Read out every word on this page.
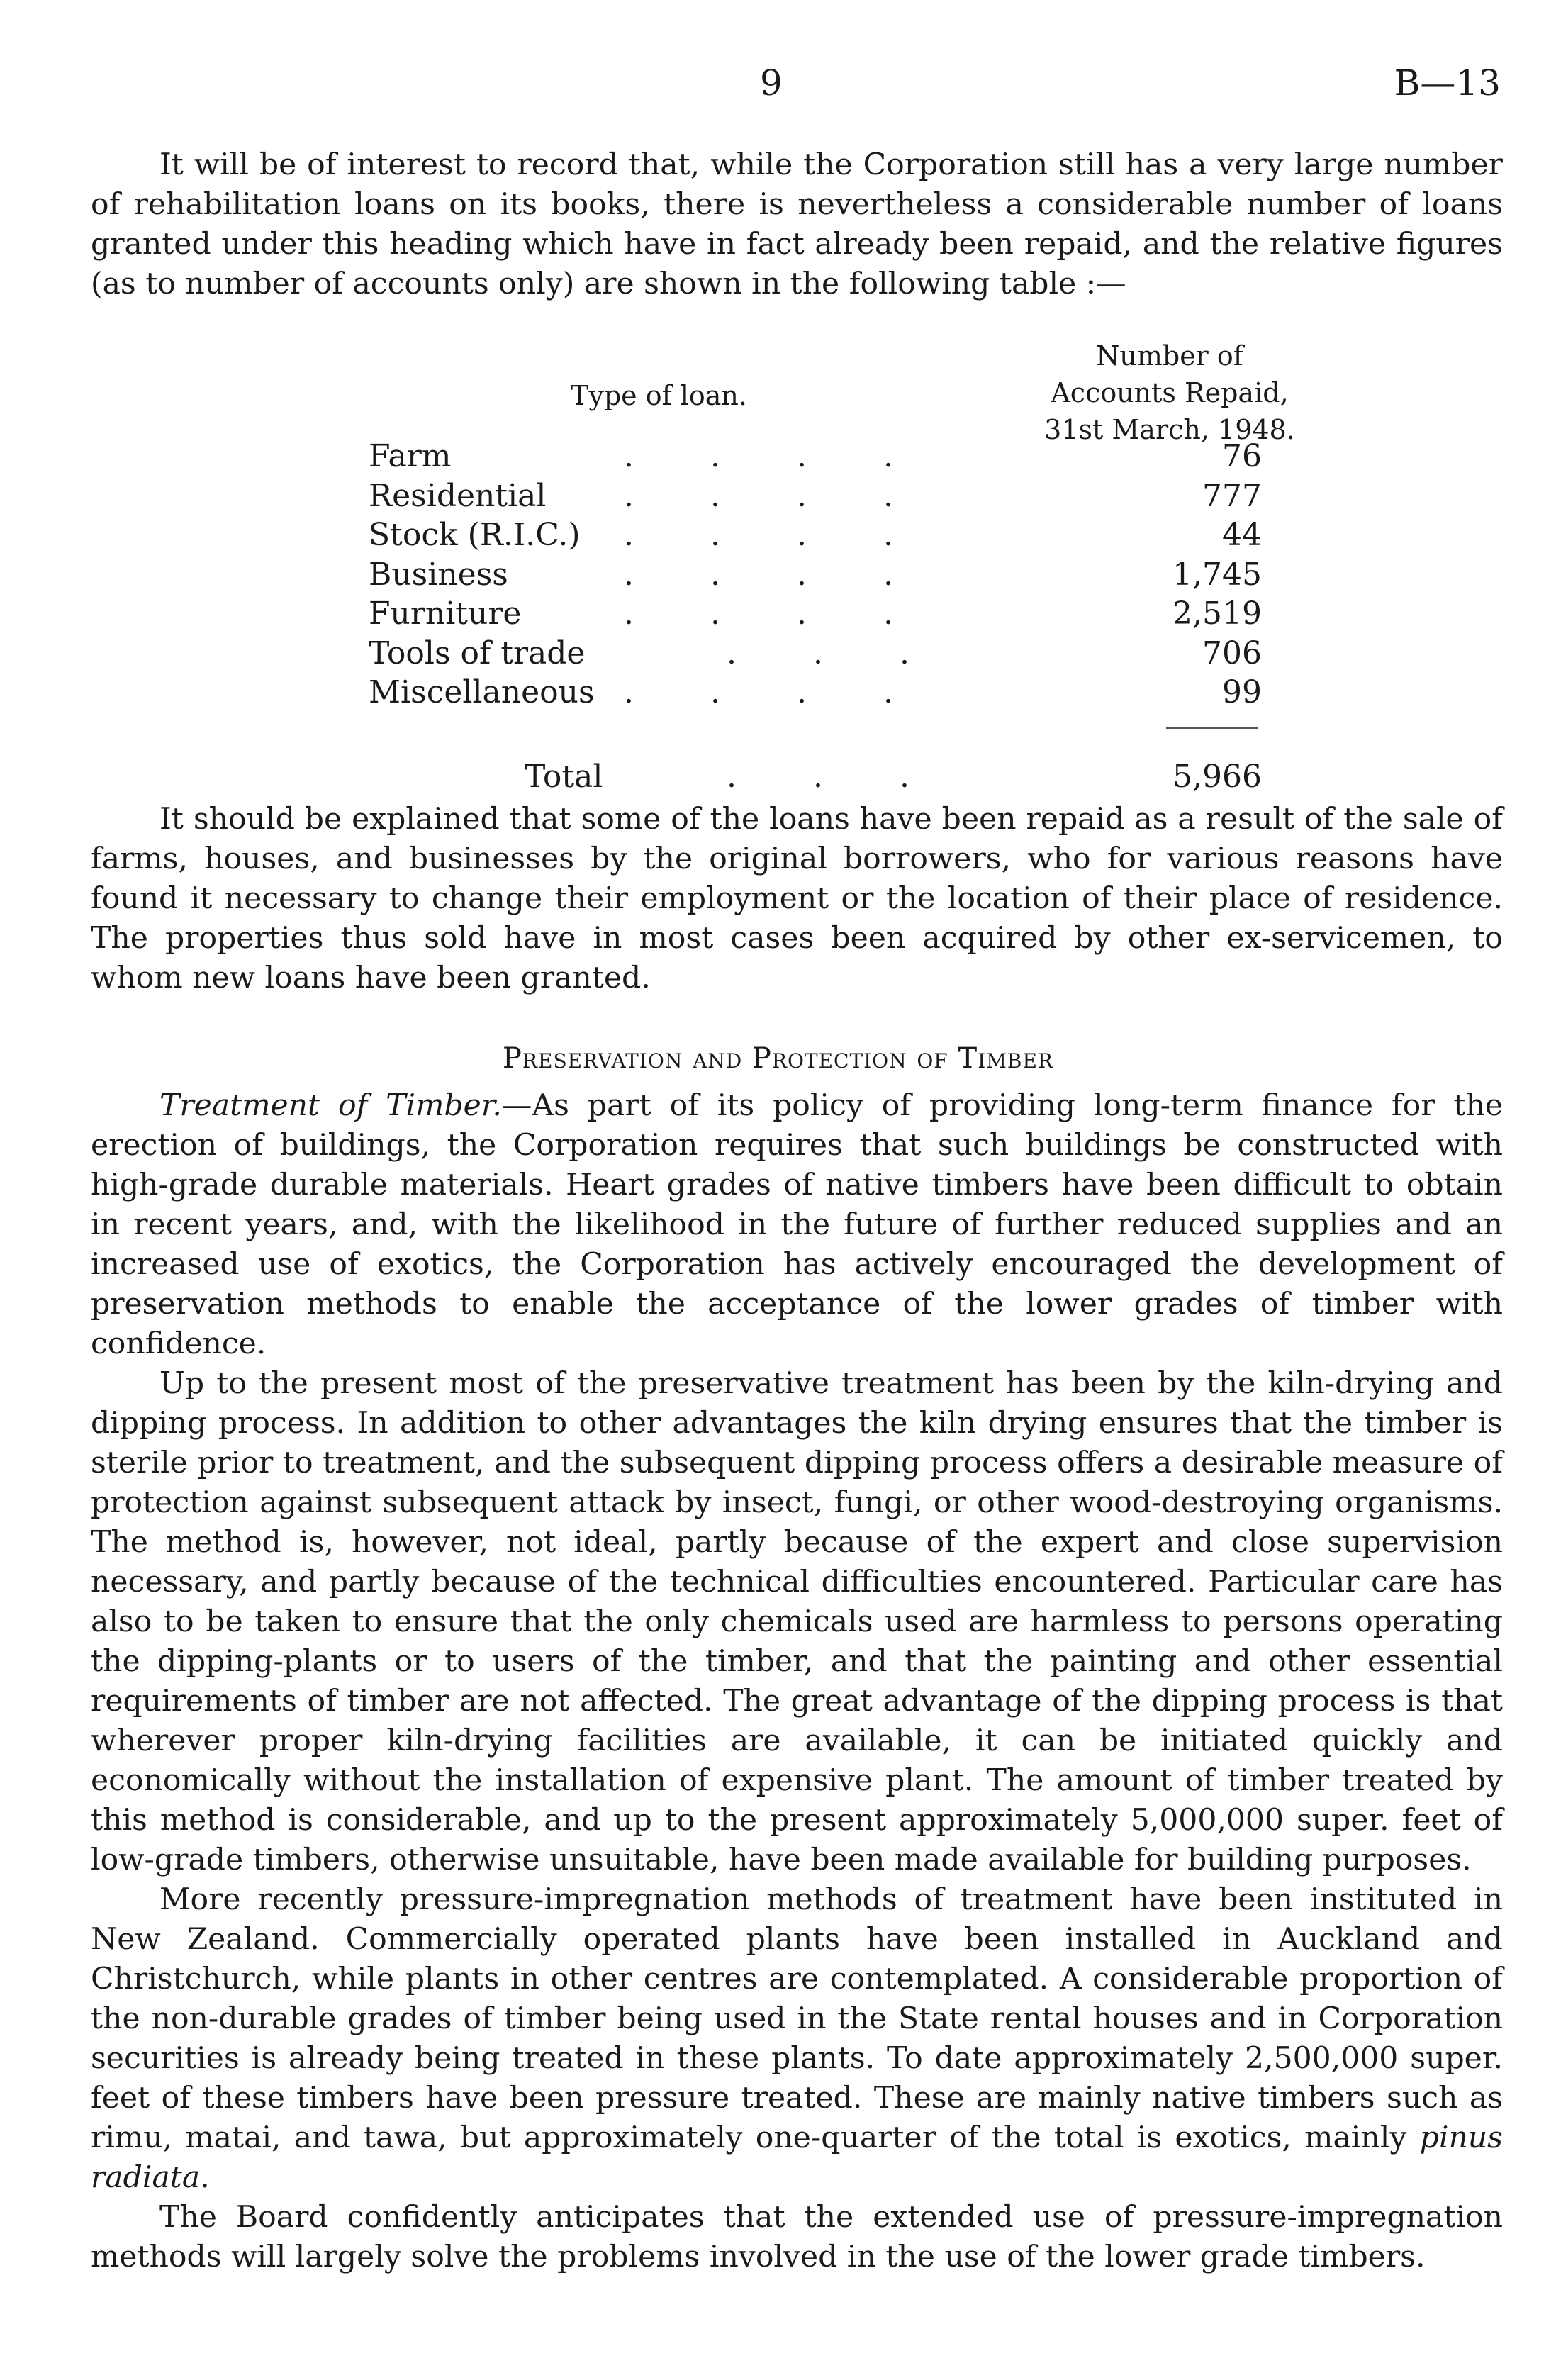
9	B—13

It will be of interest to record that, while the Corporation still has a very large number of rehabilitation loans on its books, there is nevertheless a considerable number of loans granted under this heading which have in fact already been repaid, and the relative figures (as to number of accounts only) are shown in the following table :—

Type of loan.
Number of
Accounts Repaid,
31st March, 1948.
Farm	....	76
Residential ....	777
Stock (R.I.C.) ....	44
Business	....	1,745
Furniture	....	2,519
Tools of trade	...	706
Miscellaneous ....	99
Total	...	5,966

It should be explained that some of the loans have been repaid as a result of the sale of farms, houses, and businesses by the original borrowers, who for various reasons have found it necessary to change their employment or the location of their place of residence. The properties thus sold have in most cases been acquired by other ex-servicemen, to whom new loans have been granted.

Preservation and Protection of Timber

Treatment of Timber.—As part of its policy of providing long-term finance for the erection of buildings, the Corporation requires that such buildings be constructed with high-grade durable materials. Heart grades of native timbers have been difficult to obtain in recent years, and, with the likelihood in the future of further reduced supplies and an increased use of exotics, the Corporation has actively encouraged the development of preservation methods to enable the acceptance of the lower grades of timber with confidence.

Up to the present most of the preservative treatment has been by the kiln-drying and dipping process. In addition to other advantages the kiln drying ensures that the timber is sterile prior to treatment, and the subsequent dipping process offers a desirable measure of protection against subsequent attack by insect, fungi, or other wood-destroying organisms. The method is, however, not ideal, partly because of the expert and close supervision necessary, and partly because of the technical difficulties encountered. Particular care has also to be taken to ensure that the only chemicals used are harmless to persons operating the dipping-plants or to users of the timber, and that the painting and other essential requirements of timber are not affected. The great advantage of the dipping process is that wherever proper kiln-drying facilities are available, it can be initiated quickly and economically without the installation of expensive plant. The amount of timber treated by this method is considerable, and up to the present approximately 5,000,000 super. feet of low-grade timbers, otherwise unsuitable, have been made available for building purposes.

More recently pressure-impregnation methods of treatment have been instituted in New Zealand. Commercially operated plants have been installed in Auckland and Christchurch, while plants in other centres are contemplated. A considerable proportion of the non-durable grades of timber being used in the State rental houses and in Corporation securities is already being treated in these plants. To date approximately 2,500,000 super. feet of these timbers have been pressure treated. These are mainly native timbers such as rimu, matai, and tawa, but approximately one-quarter of the total is exotics, mainly pinus radiata.

The Board confidently anticipates that the extended use of pressure-impregnation methods will largely solve the problems involved in the use of the lower grade timbers.
